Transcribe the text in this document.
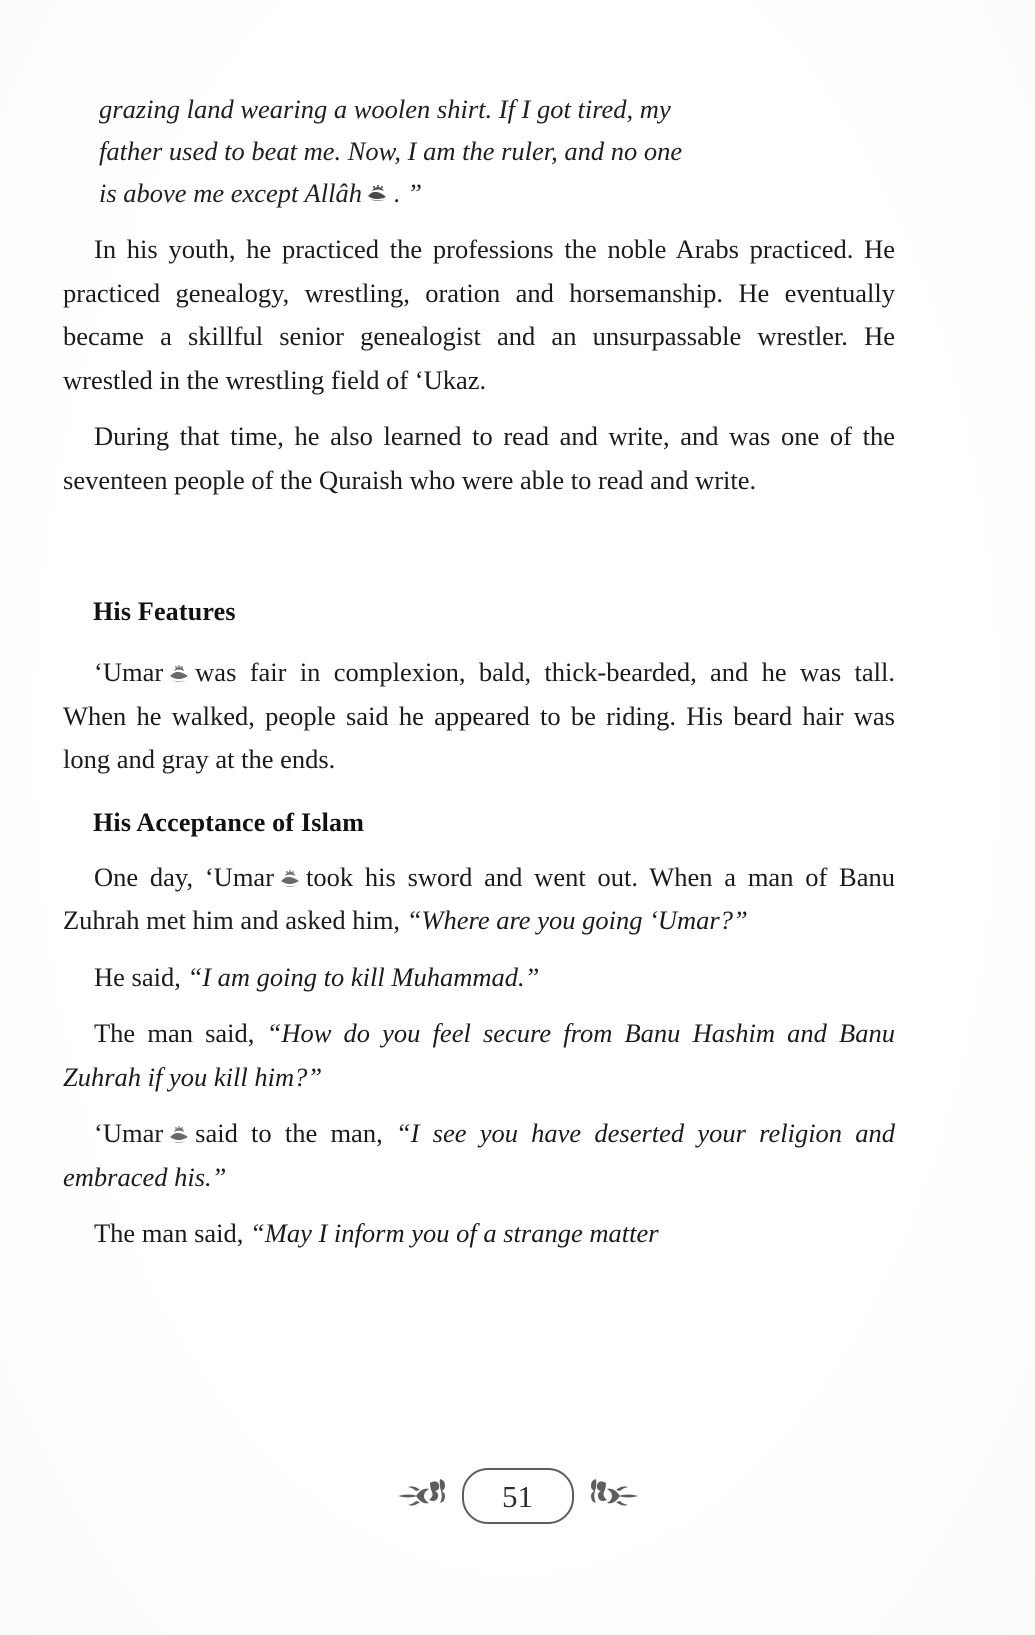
grazing land wearing a woolen shirt. If I got tired, my
father used to beat me. Now, I am the ruler, and no one
is above me except Allâh . ”

In his youth, he practiced the professions the noble Arabs practiced. He practiced genealogy, wrestling, oration and horsemanship. He eventually became a skillful senior genealogist and an unsurpassable wrestler. He wrestled in the wrestling field of ‘Ukaz.

During that time, he also learned to read and write, and was one of the seventeen people of the Quraish who were able to read and write.

His Features

‘Umar was fair in complexion, bald, thick-bearded, and he was tall. When he walked, people said he appeared to be riding. His beard hair was long and gray at the ends.

His Acceptance of Islam

One day, ‘Umar took his sword and went out. When a man of Banu Zuhrah met him and asked him, “Where are you going ‘Umar?”

He said, “I am going to kill Muhammad.”

The man said, “How do you feel secure from Banu Hashim and Banu Zuhrah if you kill him?”

‘Umar said to the man, “I see you have deserted your religion and embraced his.”

The man said, “May I inform you of a strange matter

51
